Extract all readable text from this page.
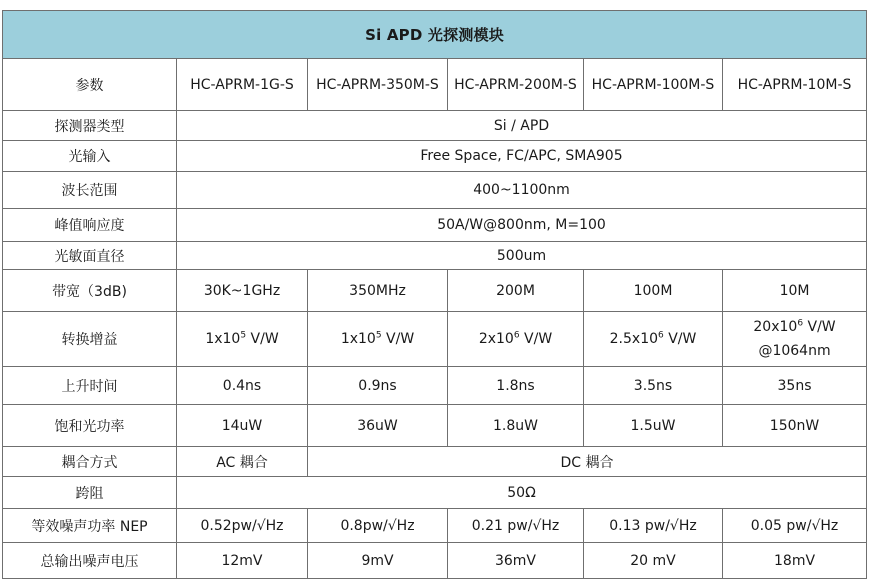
Si APD 光探测模块					
参数	HC-APRM-1G-S	HC-APRM-350M-S	HC-APRM-200M-S	HC-APRM-100M-S	HC-APRM-10M-S
探测器类型	Si / APD				
光输入	Free Space, FC/APC, SMA905				
波长范围	400~1100nm				
峰值响应度	50A/W@800nm, M=100				
光敏面直径	500um				
带宽（3dB)	30K~1GHz	350MHz	200M	100M	10M
转换增益	$1x10^5$ V/W	$1x10^5$ V/W	$2x10^6$ V/W	$2.5x10^6$ V/W	$20x10^6$ V/W
@1064nm
上升时间	0.4ns	0.9ns	1.8ns	3.5ns	35ns
饱和光功率	14uW	36uW	1.8uW	1.5uW	150nW
耦合方式	AC 耦合	DC 耦合			
跨阻	50Ω				
等效噪声功率 NEP	0.52pw/√Hz	0.8pw/√Hz	0.21 pw/√Hz	0.13 pw/√Hz	0.05 pw/√Hz
总输出噪声电压	12mV	9mV	36mV	20 mV	18mV
